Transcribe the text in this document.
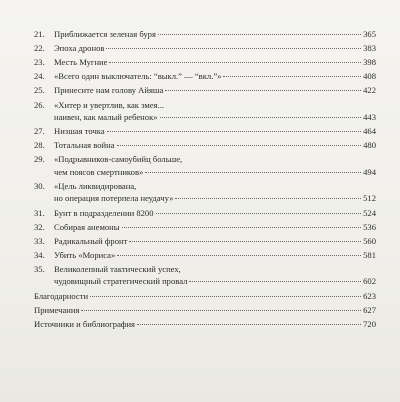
21.	Приближается зеленая буря	365
22.	Эпоха дронов	383
23.	Месть Мугние	398
24.	«Всего один выключатель: “выкл.” — “вкл.”»	408
25.	Принесите нам голову Айяша	422
26.	«Хитер и увертлив, как змея...
наивен, как малый ребенок»	443
27.	Низшая точка	464
28.	Тотальная война	480
29.	«Подрывников-самоубийц больше,
чем поясов смертников»	494
30.	«Цель ликвидирована,
но операция потерпела неудачу»	512
31.	Бунт в подразделении 8200	524
32.	Собирая анемоны	536
33.	Радикальный фронт	560
34.	Убить «Мориса»	581
35.	Великолепный тактический успех,
чудовищный стратегический провал	602
Благодарности	623
Примечания	627
Источники и библиография	720
